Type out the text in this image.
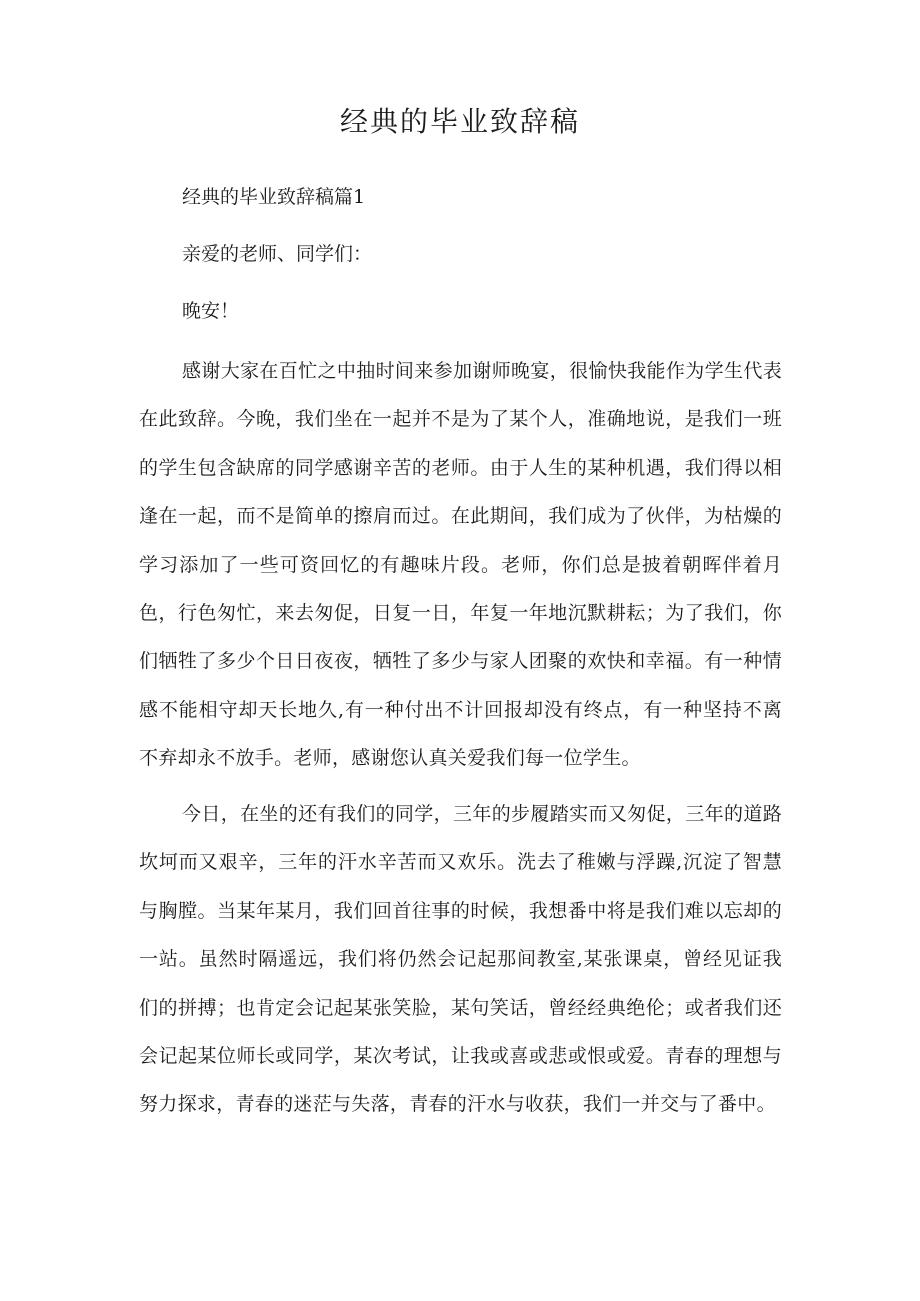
经典的毕业致辞稿

经典的毕业致辞稿篇1

亲爱的老师、同学们：

晚安！

感谢大家在百忙之中抽时间来参加谢师晚宴，很愉快我能作为学生代表在此致辞。今晚，我们坐在一起并不是为了某个人，准确地说，是我们一班的学生包含缺席的同学感谢辛苦的老师。由于人生的某种机遇，我们得以相逢在一起，而不是简单的擦肩而过。在此期间，我们成为了伙伴，为枯燥的学习添加了一些可资回忆的有趣味片段。老师，你们总是披着朝晖伴着月色，行色匆忙，来去匆促，日复一日，年复一年地沉默耕耘；为了我们，你们牺牲了多少个日日夜夜，牺牲了多少与家人团聚的欢快和幸福。有一种情感不能相守却天长地久,有一种付出不计回报却没有终点，有一种坚持不离不弃却永不放手。老师，感谢您认真关爱我们每一位学生。

今日，在坐的还有我们的同学，三年的步履踏实而又匆促，三年的道路坎坷而又艰辛，三年的汗水辛苦而又欢乐。洗去了稚嫩与浮躁,沉淀了智慧与胸膛。当某年某月，我们回首往事的时候，我想番中将是我们难以忘却的一站。虽然时隔遥远，我们将仍然会记起那间教室,某张课桌，曾经见证我们的拼搏；也肯定会记起某张笑脸，某句笑话，曾经经典绝伦；或者我们还会记起某位师长或同学，某次考试，让我或喜或悲或恨或爱。青春的理想与努力探求，青春的迷茫与失落，青春的汗水与收获，我们一并交与了番中。
